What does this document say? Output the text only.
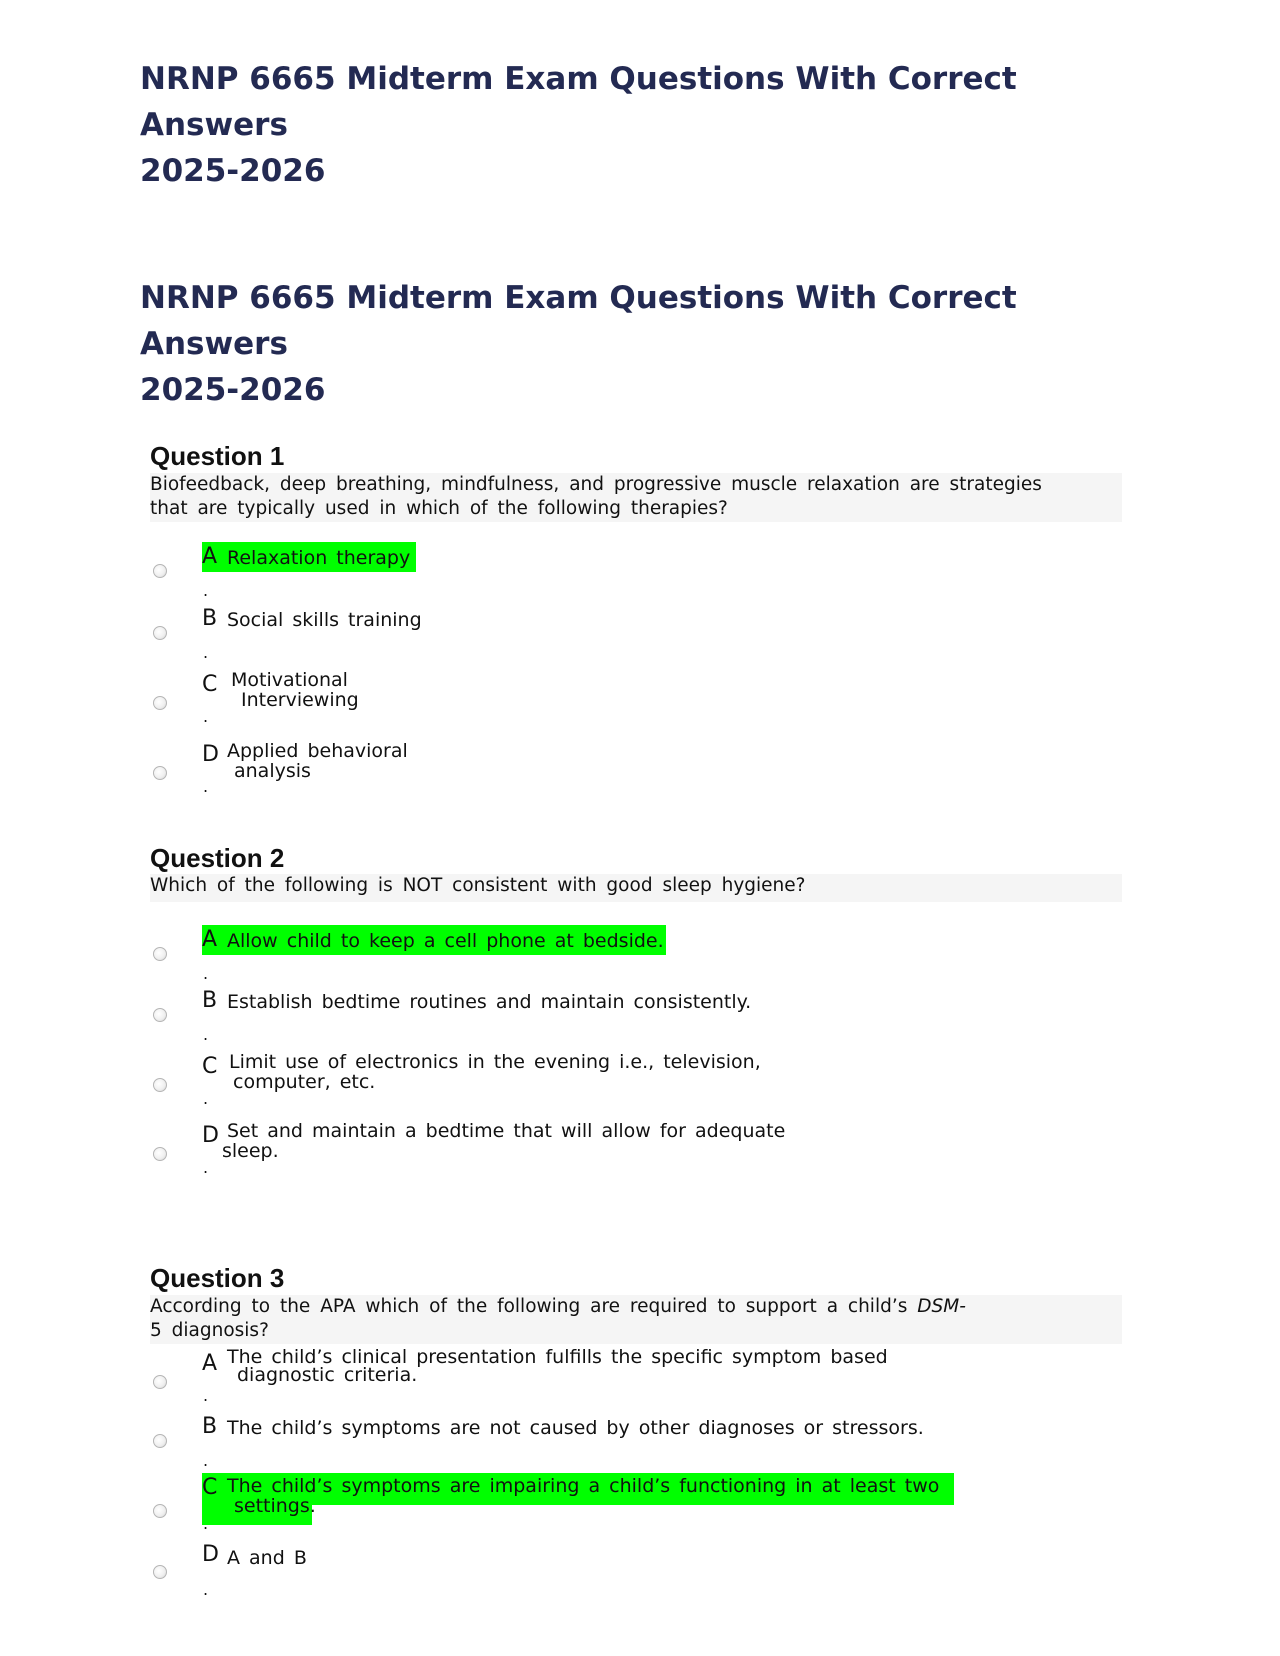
NRNP 6665 Midterm Exam Questions With Correct Answers
2025-2026
NRNP 6665 Midterm Exam Questions With Correct Answers
2025-2026
Question 1
Biofeedback, deep breathing, mindfulness, and progressive muscle relaxation are strategies
that are typically used in which of the following therapies?
A Relaxation therapy
.
B Social skills training
.
C Motivational
Interviewing
.
D Applied behavioral
analysis
.
Question 2
Which of the following is NOT consistent with good sleep hygiene?
A Allow child to keep a cell phone at bedside.
.
B Establish bedtime routines and maintain consistently.
.
C Limit use of electronics in the evening i.e., television,
computer, etc.
.
D Set and maintain a bedtime that will allow for adequate
sleep.
.
Question 3
According to the APA which of the following are required to support a child’s DSM-
5 diagnosis?
A The child’s clinical presentation fulfills the specific symptom based
diagnostic criteria.
.
B The child’s symptoms are not caused by other diagnoses or stressors.
.
C The child’s symptoms are impairing a child’s functioning in at least two
settings.
.
D A and B
.
